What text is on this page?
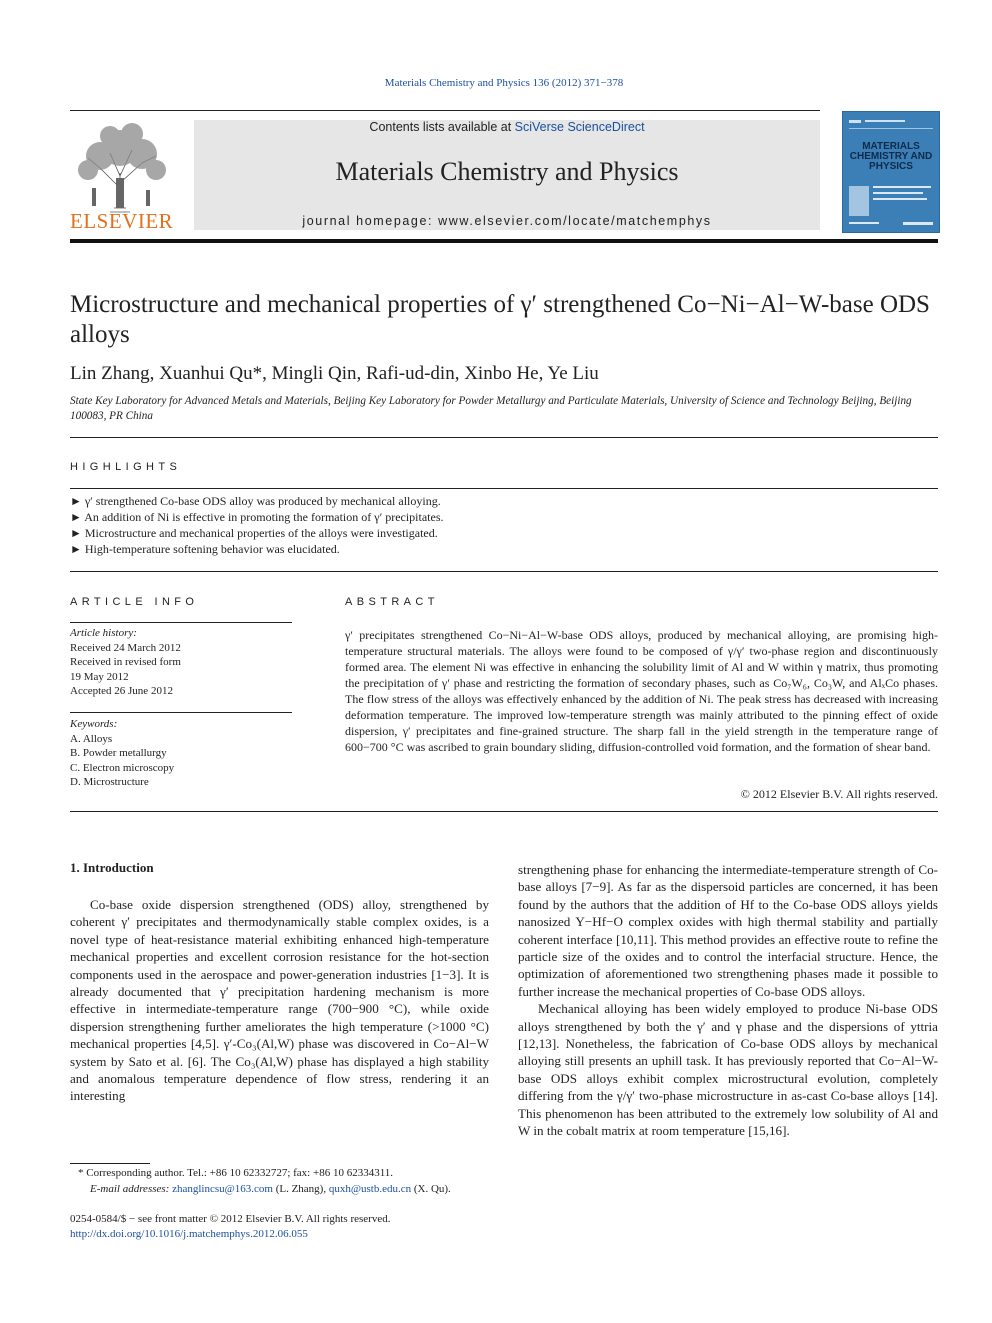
Materials Chemistry and Physics 136 (2012) 371−378
ELSEVIER
Contents lists available at SciVerse ScienceDirect
Materials Chemistry and Physics
journal homepage: www.elsevier.com/locate/matchemphys
MATERIALS CHEMISTRY AND PHYSICS
Microstructure and mechanical properties of γ′ strengthened Co−Ni−Al−W-base ODS alloys
Lin Zhang, Xuanhui Qu*, Mingli Qin, Rafi-ud-din, Xinbo He, Ye Liu
State Key Laboratory for Advanced Metals and Materials, Beijing Key Laboratory for Powder Metallurgy and Particulate Materials, University of Science and Technology Beijing, Beijing 100083, PR China
HIGHLIGHTS
► γ′ strengthened Co-base ODS alloy was produced by mechanical alloying.
► An addition of Ni is effective in promoting the formation of γ′ precipitates.
► Microstructure and mechanical properties of the alloys were investigated.
► High-temperature softening behavior was elucidated.
ARTICLE INFO
Article history:
Received 24 March 2012
Received in revised form
19 May 2012
Accepted 26 June 2012
Keywords:
A. Alloys
B. Powder metallurgy
C. Electron microscopy
D. Microstructure
ABSTRACT
γ′ precipitates strengthened Co−Ni−Al−W-base ODS alloys, produced by mechanical alloying, are promising high-temperature structural materials. The alloys were found to be composed of γ/γ′ two-phase region and discontinuously formed area. The element Ni was effective in enhancing the solubility limit of Al and W within γ matrix, thus promoting the precipitation of γ′ phase and restricting the formation of secondary phases, such as Co₇W₆, Co₃W, and AlₓCo phases. The flow stress of the alloys was effectively enhanced by the addition of Ni. The peak stress has decreased with increasing deformation temperature. The improved low-temperature strength was mainly attributed to the pinning effect of oxide dispersion, γ′ precipitates and fine-grained structure. The sharp fall in the yield strength in the temperature range of 600−700 °C was ascribed to grain boundary sliding, diffusion-controlled void formation, and the formation of shear band.
© 2012 Elsevier B.V. All rights reserved.
1. Introduction

Co-base oxide dispersion strengthened (ODS) alloy, strengthened by coherent γ′ precipitates and thermodynamically stable complex oxides, is a novel type of heat-resistance material exhibiting enhanced high-temperature mechanical properties and excellent corrosion resistance for the hot-section components used in the aerospace and power-generation industries [1−3]. It is already documented that γ′ precipitation hardening mechanism is more effective in intermediate-temperature range (700−900 °C), while oxide dispersion strengthening further ameliorates the high temperature (>1000 °C) mechanical properties [4,5]. γ′-Co₃(Al,W) phase was discovered in Co−Al−W system by Sato et al. [6]. The Co₃(Al,W) phase has displayed a high stability and anomalous temperature dependence of flow stress, rendering it an interesting

strengthening phase for enhancing the intermediate-temperature strength of Co-base alloys [7−9]. As far as the dispersoid particles are concerned, it has been found by the authors that the addition of Hf to the Co-base ODS alloys yields nanosized Y−Hf−O complex oxides with high thermal stability and partially coherent interface [10,11]. This method provides an effective route to refine the particle size of the oxides and to control the interfacial structure. Hence, the optimization of aforementioned two strengthening phases made it possible to further increase the mechanical properties of Co-base ODS alloys.

Mechanical alloying has been widely employed to produce Ni-base ODS alloys strengthened by both the γ′ and γ phase and the dispersions of yttria [12,13]. Nonetheless, the fabrication of Co-base ODS alloys by mechanical alloying still presents an uphill task. It has previously reported that Co−Al−W-base ODS alloys exhibit complex microstructural evolution, completely differing from the γ/γ′ two-phase microstructure in as-cast Co-base alloys [14]. This phenomenon has been attributed to the extremely low solubility of Al and W in the cobalt matrix at room temperature [15,16].

* Corresponding author. Tel.: +86 10 62332727; fax: +86 10 62334311.
E-mail addresses: zhanglincsu@163.com (L. Zhang), quxh@ustb.edu.cn (X. Qu).
0254-0584/$ − see front matter © 2012 Elsevier B.V. All rights reserved.
http://dx.doi.org/10.1016/j.matchemphys.2012.06.055
